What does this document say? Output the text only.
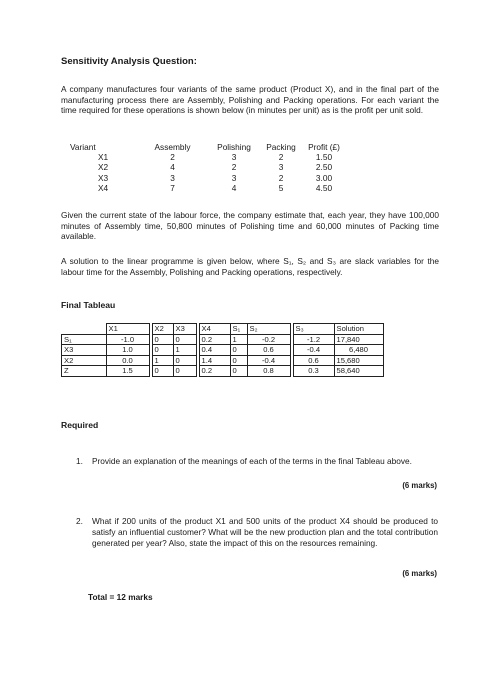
Sensitivity Analysis Question:

A company manufactures four variants of the same product (Product X), and in the final part of the manufacturing process there are Assembly, Polishing and Packing operations. For each variant the time required for these operations is shown below (in minutes per unit) as is the profit per unit sold.

Variant	Assembly	Polishing	Packing	Profit (£)
X1	2	3	2	1.50
X2	4	2	3	2.50
X3	3	3	2	3.00
X4	7	4	5	4.50

Given the current state of the labour force, the company estimate that, each year, they have 100,000 minutes of Assembly time, 50,800 minutes of Polishing time and 60,000 minutes of Packing time available.

A solution to the linear programme is given below, where S₁, S₂ and S₃ are slack variables for the labour time for the Assembly, Polishing and Packing operations, respectively.

Final Tableau

	X1		X2	X3		X4	S₁	S₂		S₃	Solution
S₁	-1.0		0	0		0.2	1	-0.2		-1.2	17,840
X3	1.0		0	1		0.4	0	0.6		-0.4	6,480
X2	0.0		1	0		1.4	0	-0.4		0.6	15,680
Z	1.5		0	0		0.2	0	0.8		0.3	58,640

Required

1. Provide an explanation of the meanings of each of the terms in the final Tableau above.

(6 marks)
2. What if 200 units of the product X1 and 500 units of the product X4 should be produced to satisfy an influential customer? What will be the new production plan and the total contribution generated per year? Also, state the impact of this on the resources remaining.

(6 marks)

Total = 12 marks
